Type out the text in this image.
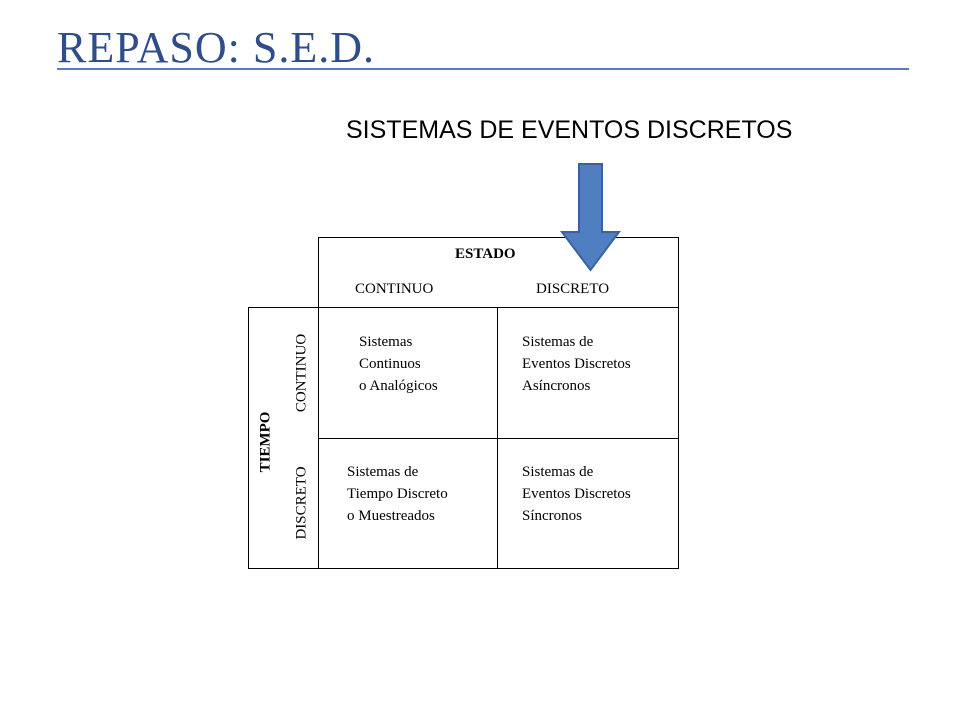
REPASO: S.E.D.
SISTEMAS DE EVENTOS DISCRETOS
ESTADO
CONTINUO	DISCRETO
TIEMPO
CONTINUO
DISCRETO
Sistemas
Continuos
o Analógicos
Sistemas de
Eventos Discretos
Asíncronos
Sistemas de
Tiempo Discreto
o Muestreados
Sistemas de
Eventos Discretos
Síncronos
